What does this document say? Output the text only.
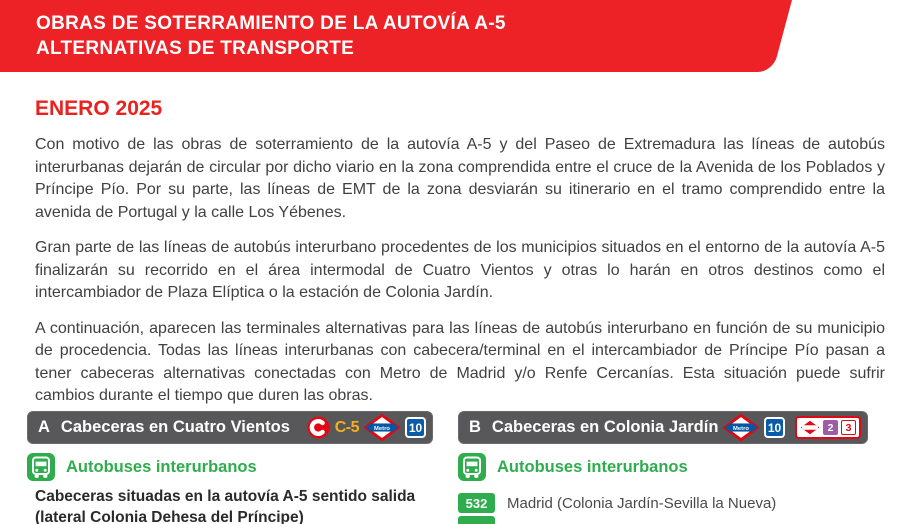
OBRAS DE SOTERRAMIENTO DE LA AUTOVÍA A-5
ALTERNATIVAS DE TRANSPORTE
ENERO 2025

Con motivo de las obras de soterramiento de la autovía A-5 y del Paseo de Extremadura las líneas de autobús interurbanas dejarán de circular por dicho viario en la zona comprendida entre el cruce de la Avenida de los Poblados y Príncipe Pío. Por su parte, las líneas de EMT de la zona desviarán su itinerario en el tramo comprendido entre la avenida de Portugal y la calle Los Yébenes.

Gran parte de las líneas de autobús interurbano procedentes de los municipios situados en el entorno de la autovía A-5 finalizarán su recorrido en el área intermodal de Cuatro Vientos y otras lo harán en otros destinos como el intercambiador de Plaza Elíptica o la estación de Colonia Jardín.

A continuación, aparecen las terminales alternativas para las líneas de autobús interurbano en función de su municipio de procedencia. Todas las líneas interurbanas con cabecera/terminal en el intercambiador de Príncipe Pío pasan a tener cabeceras alternativas conectadas con Metro de Madrid y/o Renfe Cercanías. Esta situación puede sufrir cambios durante el tiempo que duren las obras.

A Cabeceras en Cuatro Vientos	C-5 Metro	10
Autobuses interurbanos
Cabeceras situadas en la autovía A-5 sentido salida (lateral Colonia Dehesa del Príncipe)
B Cabeceras en Colonia Jardín Metro	10	2	3
Autobuses interurbanos
532	Madrid (Colonia Jardín-Sevilla la Nueva)
